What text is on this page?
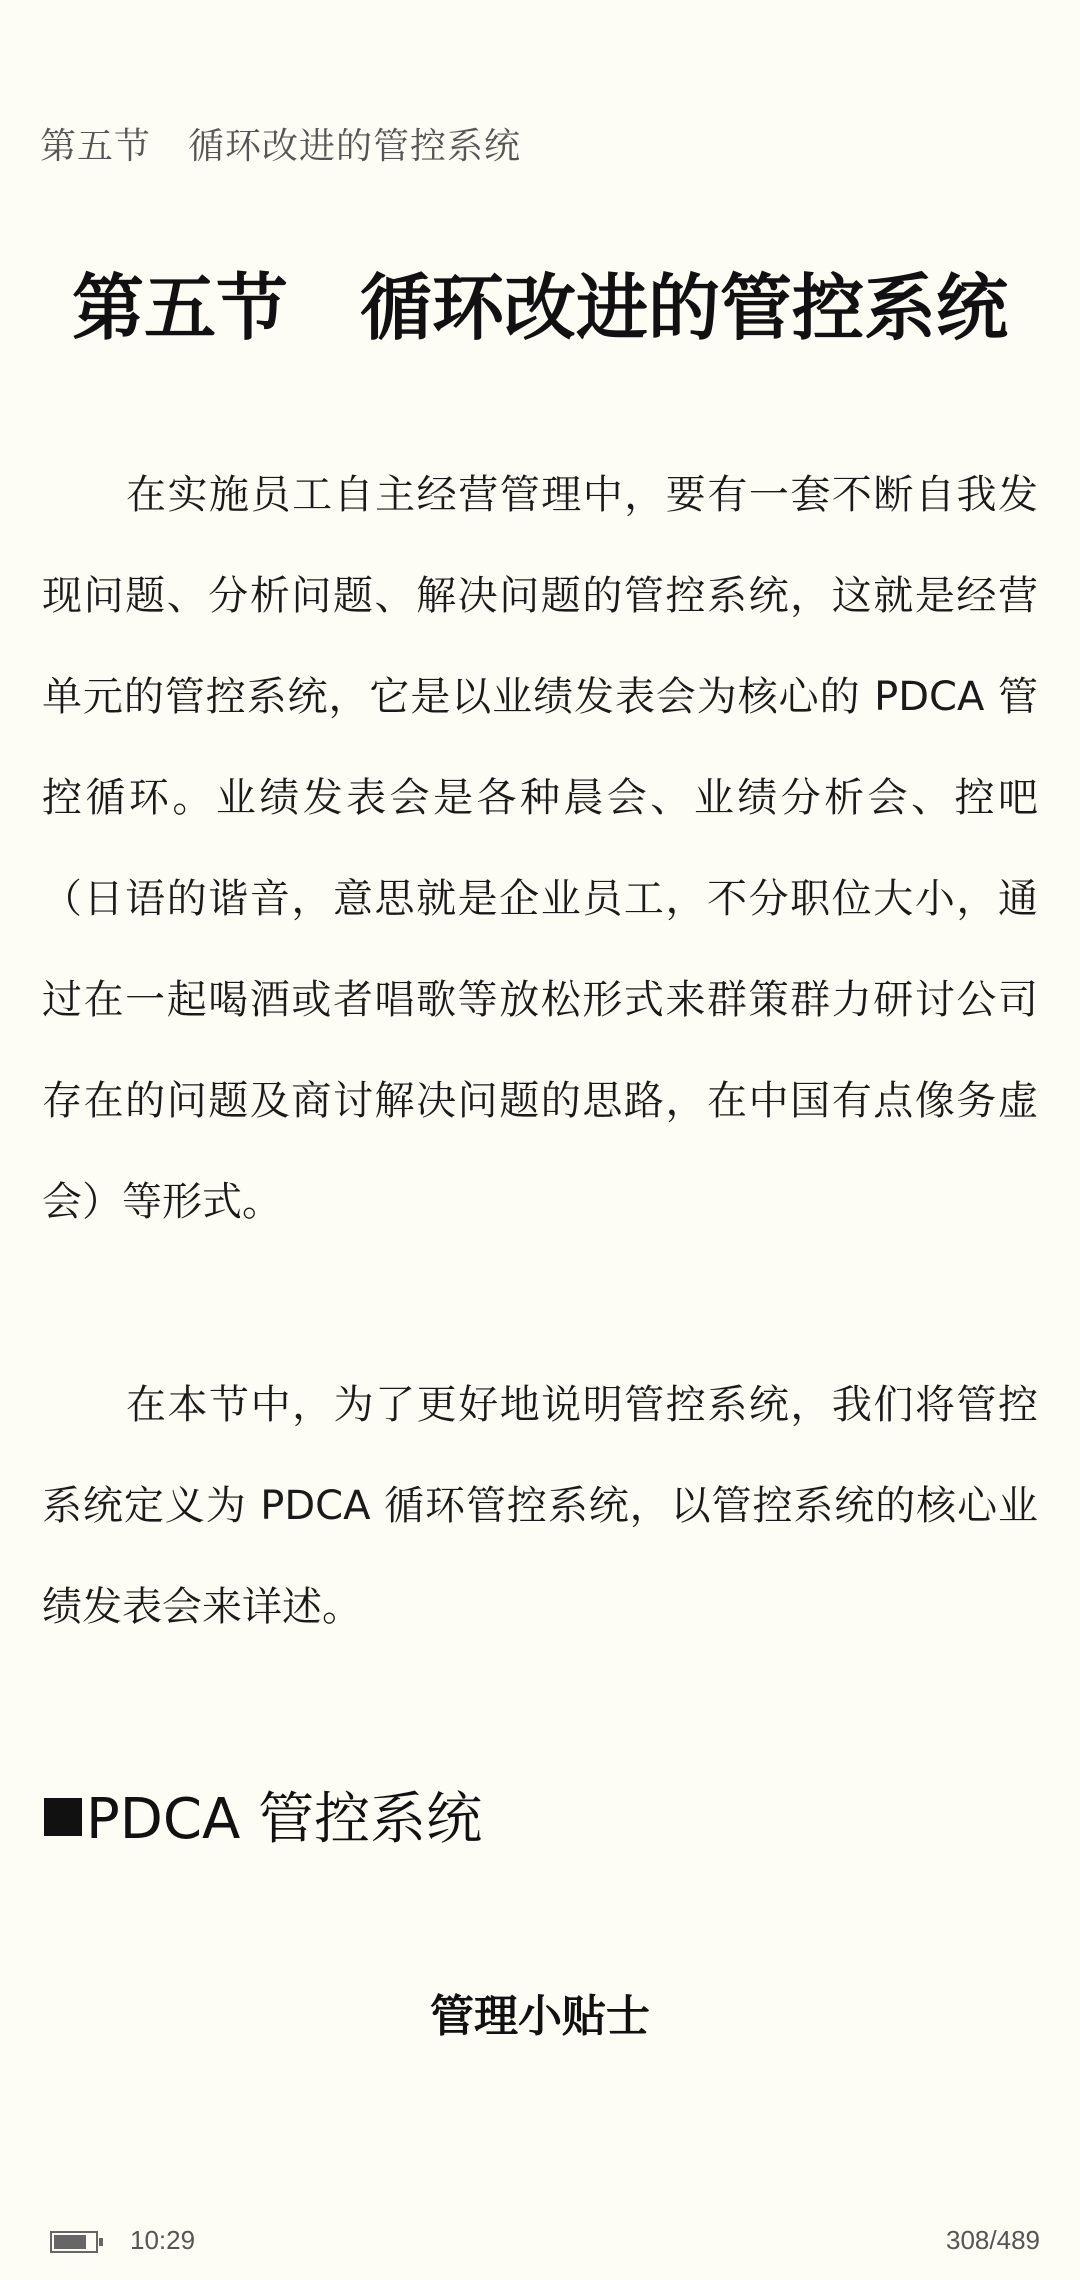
第五节　循环改进的管控系统
第五节　循环改进的管控系统

在实施员工自主经营管理中，要有一套不断自我发现问题、分析问题、解决问题的管控系统，这就是经营单元的管控系统，它是以业绩发表会为核心的 PDCA 管控循环。业绩发表会是各种晨会、业绩分析会、控吧（日语的谐音，意思就是企业员工，不分职位大小，通过在一起喝酒或者唱歌等放松形式来群策群力研讨公司存在的问题及商讨解决问题的思路，在中国有点像务虚会）等形式。

在本节中，为了更好地说明管控系统，我们将管控系统定义为 PDCA 循环管控系统，以管控系统的核心业绩发表会来详述。

PDCA 管控系统
管理小贴士
10:29	308/489
